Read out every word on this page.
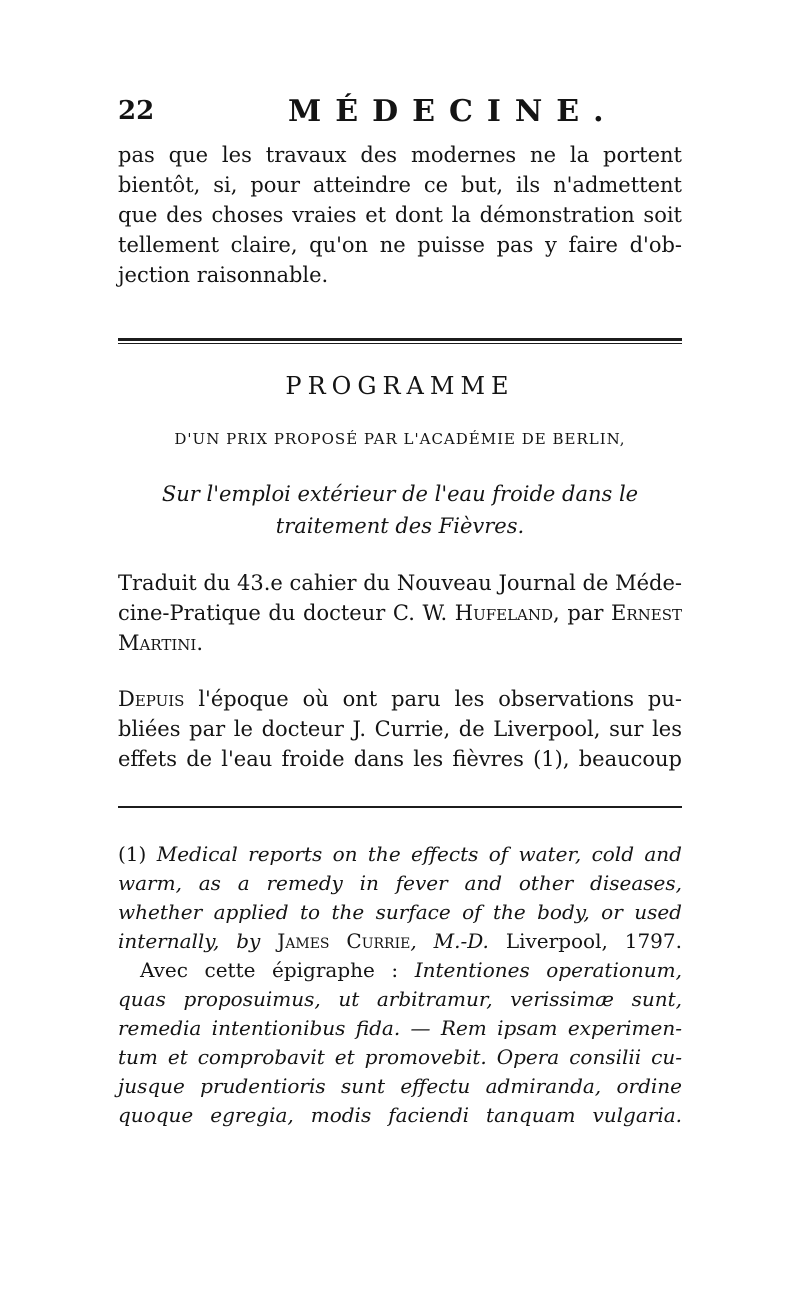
22	MÉDECINE.
pas que les travaux des modernes ne la portent
bientôt, si, pour atteindre ce but, ils n'admettent
que des choses vraies et dont la démonstration soit
tellement claire, qu'on ne puisse pas y faire d'ob-
jection raisonnable.
PROGRAMME
D'UN PRIX PROPOSÉ PAR L'ACADÉMIE DE BERLIN,
Sur l'emploi extérieur de l'eau froide dans le
traitement des Fièvres.
Traduit du 43.e cahier du Nouveau Journal de Méde-
cine-Pratique du docteur C. W. Hufeland, par Ernest
Martini.
Depuis l'époque où ont paru les observations pu-
bliées par le docteur J. Currie, de Liverpool, sur les
effets de l'eau froide dans les fièvres (1), beaucoup
(1) Medical reports on the effects of water, cold and
warm, as a remedy in fever and other diseases,
whether applied to the surface of the body, or used
internally, by James Currie, M.-D. Liverpool, 1797.
Avec cette épigraphe : Intentiones operationum,
quas proposuimus, ut arbitramur, verissimæ sunt,
remedia intentionibus fida. — Rem ipsam experimen-
tum et comprobavit et promovebit. Opera consilii cu-
jusque prudentioris sunt effectu admiranda, ordine
quoque egregia, modis faciendi tanquam vulgaria.
